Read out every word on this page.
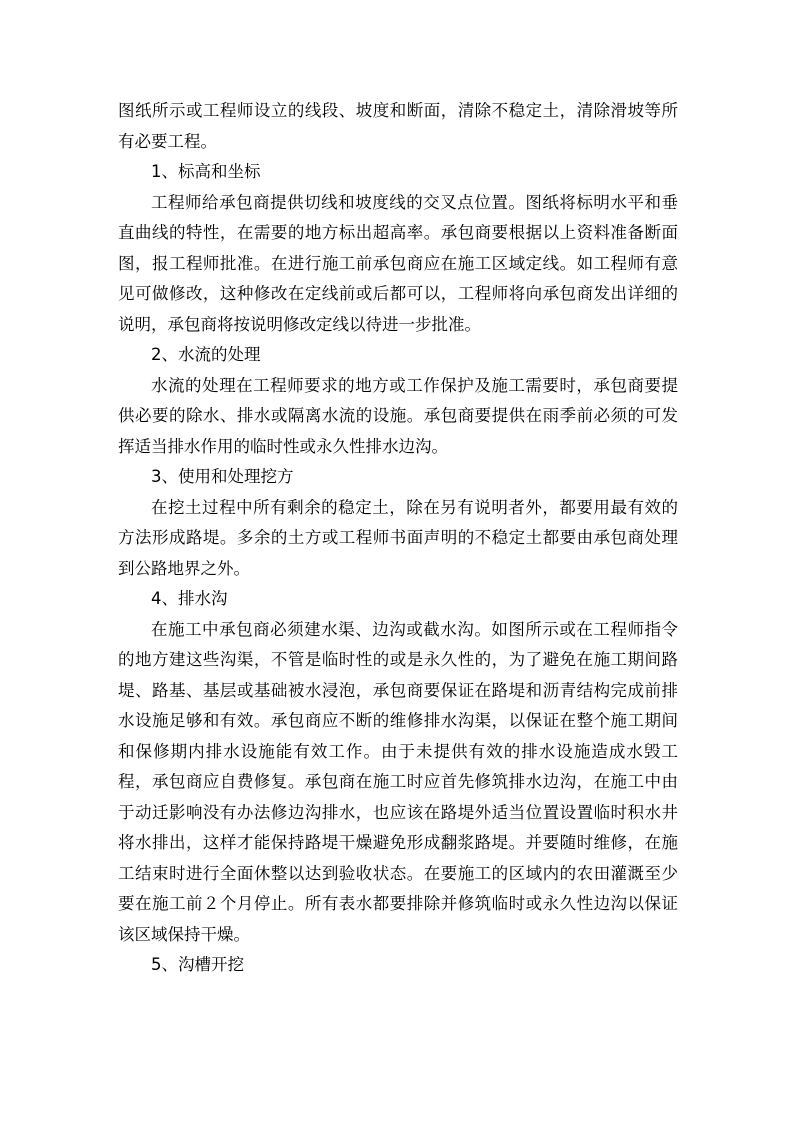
图纸所示或工程师设立的线段、坡度和断面，清除不稳定土，清除滑坡等所有必要工程。

1、标高和坐标

工程师给承包商提供切线和坡度线的交叉点位置。图纸将标明水平和垂直曲线的特性，在需要的地方标出超高率。承包商要根据以上资料准备断面图，报工程师批准。在进行施工前承包商应在施工区域定线。如工程师有意见可做修改，这种修改在定线前或后都可以，工程师将向承包商发出详细的说明，承包商将按说明修改定线以待进一步批准。

2、水流的处理

水流的处理在工程师要求的地方或工作保护及施工需要时，承包商要提供必要的除水、排水或隔离水流的设施。承包商要提供在雨季前必须的可发挥适当排水作用的临时性或永久性排水边沟。

3、使用和处理挖方

在挖土过程中所有剩余的稳定土，除在另有说明者外，都要用最有效的方法形成路堤。多余的土方或工程师书面声明的不稳定土都要由承包商处理到公路地界之外。

4、排水沟

在施工中承包商必须建水渠、边沟或截水沟。如图所示或在工程师指令的地方建这些沟渠，不管是临时性的或是永久性的，为了避免在施工期间路堤、路基、基层或基础被水浸泡，承包商要保证在路堤和沥青结构完成前排水设施足够和有效。承包商应不断的维修排水沟渠，以保证在整个施工期间和保修期内排水设施能有效工作。由于未提供有效的排水设施造成水毁工程，承包商应自费修复。承包商在施工时应首先修筑排水边沟，在施工中由于动迁影响没有办法修边沟排水，也应该在路堤外适当位置设置临时积水井将水排出，这样才能保持路堤干燥避免形成翻浆路堤。并要随时维修，在施工结束时进行全面休整以达到验收状态。在要施工的区域内的农田灌溉至少要在施工前２个月停止。所有表水都要排除并修筑临时或永久性边沟以保证该区域保持干燥。

5、沟槽开挖
